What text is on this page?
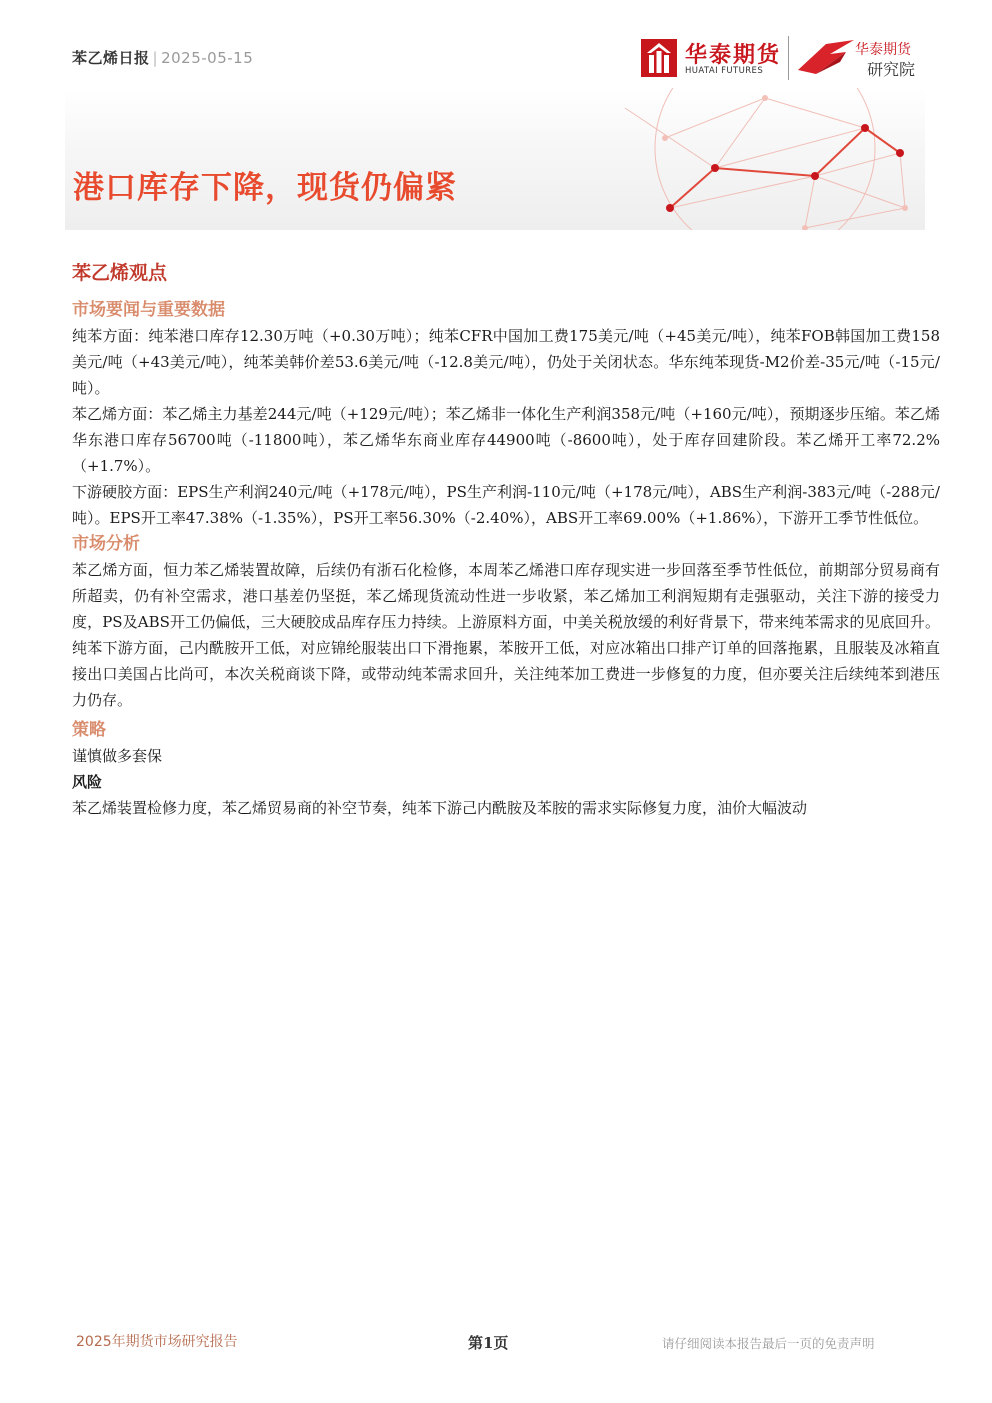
苯乙烯日报 | 2025-05-15	华泰期货
HUATAI FUTURES
华泰期货
研究院
港口库存下降，现货仍偏紧
苯乙烯观点
市场要闻与重要数据

纯苯方面：纯苯港口库存12.30万吨（+0.30万吨）；纯苯CFR中国加工费175美元/吨（+45美元/吨），纯苯FOB韩国加工费158美元/吨（+43美元/吨），纯苯美韩价差53.6美元/吨（-12.8美元/吨），仍处于关闭状态。华东纯苯现货-M2价差-35元/吨（-15元/吨）。

苯乙烯方面：苯乙烯主力基差244元/吨（+129元/吨）；苯乙烯非一体化生产利润358元/吨（+160元/吨），预期逐步压缩。苯乙烯华东港口库存56700吨（-11800吨），苯乙烯华东商业库存44900吨（-8600吨），处于库存回建阶段。苯乙烯开工率72.2%（+1.7%）。

下游硬胶方面：EPS生产利润240元/吨（+178元/吨），PS生产利润-110元/吨（+178元/吨），ABS生产利润-383元/吨（-288元/吨）。EPS开工率47.38%（-1.35%），PS开工率56.30%（-2.40%），ABS开工率69.00%（+1.86%），下游开工季节性低位。

市场分析

苯乙烯方面，恒力苯乙烯装置故障，后续仍有浙石化检修，本周苯乙烯港口库存现实进一步回落至季节性低位，前期部分贸易商有所超卖，仍有补空需求，港口基差仍坚挺，苯乙烯现货流动性进一步收紧，苯乙烯加工利润短期有走强驱动，关注下游的接受力度，PS及ABS开工仍偏低，三大硬胶成品库存压力持续。上游原料方面，中美关税放缓的利好背景下，带来纯苯需求的见底回升。纯苯下游方面，己内酰胺开工低，对应锦纶服装出口下滑拖累，苯胺开工低，对应冰箱出口排产订单的回落拖累，且服装及冰箱直接出口美国占比尚可，本次关税商谈下降，或带动纯苯需求回升，关注纯苯加工费进一步修复的力度，但亦要关注后续纯苯到港压力仍存。

策略

谨慎做多套保

风险

苯乙烯装置检修力度，苯乙烯贸易商的补空节奏，纯苯下游己内酰胺及苯胺的需求实际修复力度，油价大幅波动

2025年期货市场研究报告	第1页	请仔细阅读本报告最后一页的免责声明
